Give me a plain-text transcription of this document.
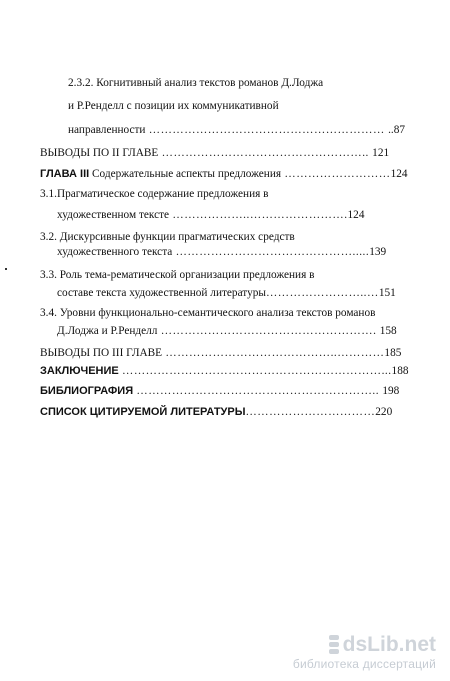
2.3.2. Когнитивный анализ текстов романов Д.Лоджа
и Р.Ренделл с позиции их коммуникативной
направленности …………………………………………………… ..87
ВЫВОДЫ ПО II ГЛАВЕ …………………………………………….. 121
ГЛАВА III Содержательные аспекты предложения ………………………124
3.1.Прагматическое содержание предложения в
художественном тексте ………………..…………………….124
3.2. Дискурсивные функции прагматических средств
художественного текста ……………………………………….....139
3.3. Роль тема-рематической организации предложения в
составе текста художественной литературы……………………..…151
3.4. Уровни функционально-семантического анализа текстов романов
Д.Лоджа и Р.Ренделл ………………………………………………. 158
ВЫВОДЫ ПО III ГЛАВЕ ……………………………………..…………185
ЗАКЛЮЧЕНИЕ …………………………………………………………...188
БИБЛИОГРАФИЯ …………………………………………………….. 198
СПИСОК ЦИТИРУЕМОЙ ЛИТЕРАТУРЫ……………………………220
dsLib.net
библиотека диссертаций
